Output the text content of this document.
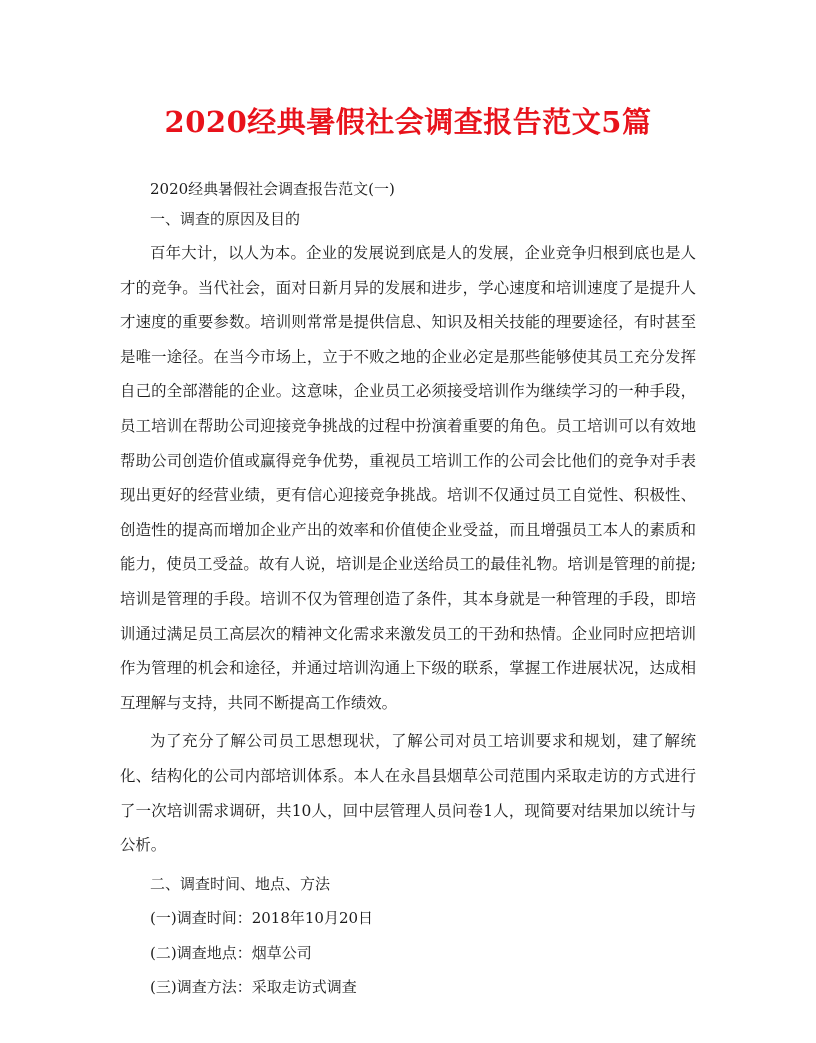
2020经典暑假社会调查报告范文5篇

2020经典暑假社会调查报告范文(一)

一、调查的原因及目的

百年大计，以人为本。企业的发展说到底是人的发展，企业竞争归根到底也是人才的竞争。当代社会，面对日新月异的发展和进步，学心速度和培训速度了是提升人才速度的重要参数。培训则常常是提供信息、知识及相关技能的理要途径，有时甚至是唯一途径。在当今市场上，立于不败之地的企业必定是那些能够使其员工充分发挥自己的全部潜能的企业。这意味，企业员工必须接受培训作为继续学习的一种手段，员工培训在帮助公司迎接竞争挑战的过程中扮演着重要的角色。员工培训可以有效地帮助公司创造价值或赢得竞争优势，重视员工培训工作的公司会比他们的竞争对手表现出更好的经营业绩，更有信心迎接竞争挑战。培训不仅通过员工自觉性、积极性、创造性的提高而增加企业产出的效率和价值使企业受益，而且增强员工本人的素质和能力，使员工受益。故有人说，培训是企业送给员工的最佳礼物。培训是管理的前提;培训是管理的手段。培训不仅为管理创造了条件，其本身就是一种管理的手段，即培训通过满足员工高层次的精神文化需求来激发员工的干劲和热情。企业同时应把培训作为管理的机会和途径，并通过培训沟通上下级的联系，掌握工作进展状况，达成相互理解与支持，共同不断提高工作绩效。

为了充分了解公司员工思想现状，了解公司对员工培训要求和规划，建了解统化、结构化的公司内部培训体系。本人在永昌县烟草公司范围内采取走访的方式进行了一次培训需求调研，共10人，回中层管理人员问卷1人，现简要对结果加以统计与公析。

二、调查时间、地点、方法

(一)调查时间：2018年10月20日

(二)调查地点：烟草公司

(三)调查方法：采取走访式调查
